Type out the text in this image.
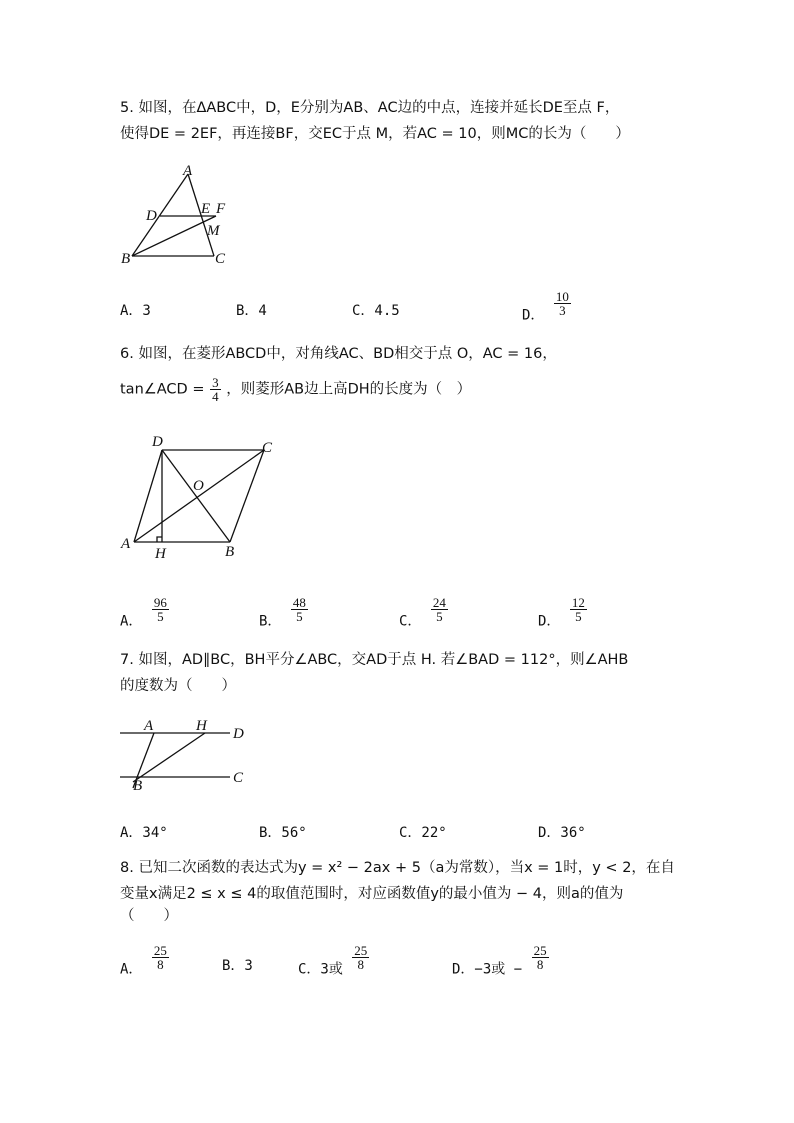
5. 如图，在ΔABC中，D，E分别为AB、AC边的中点，连接并延长DE至点 F，
使得DE = 2EF，再连接BF，交EC于点 M，若AC = 10，则MC的长为（　　）
A
D	E F
M
B	C
A．3	B．4	C．4.5	D． $\frac{10}{3}$
6. 如图，在菱形ABCD中，对角线AC、BD相交于点 O，AC = 16，
tan∠ACD = $\frac{3}{4}$ ，则菱形AB边上高DH的长度为（　）
D	C
O
A
H	B
A． $\frac{96}{5}$	B． $\frac{48}{5}$	C． $\frac{24}{5}$	D． $\frac{12}{5}$
7. 如图，AD∥BC，BH平分∠ABC，交AD于点 H. 若∠BAD = 112°，则∠AHB
的度数为（　　）
A	H D
B	C
A．34°	B．56°	C．22°	D．36°
8. 已知二次函数的表达式为y = x² − 2ax + 5（a为常数），当x = 1时，y < 2，在自
变量x满足2 ≤ x ≤ 4的取值范围时，对应函数值y的最小值为 − 4，则a的值为
（　　）
A． $\frac{25}{8}$	B．3	C．3或 $\frac{25}{8}$	D．−3或 − $\frac{25}{8}$
